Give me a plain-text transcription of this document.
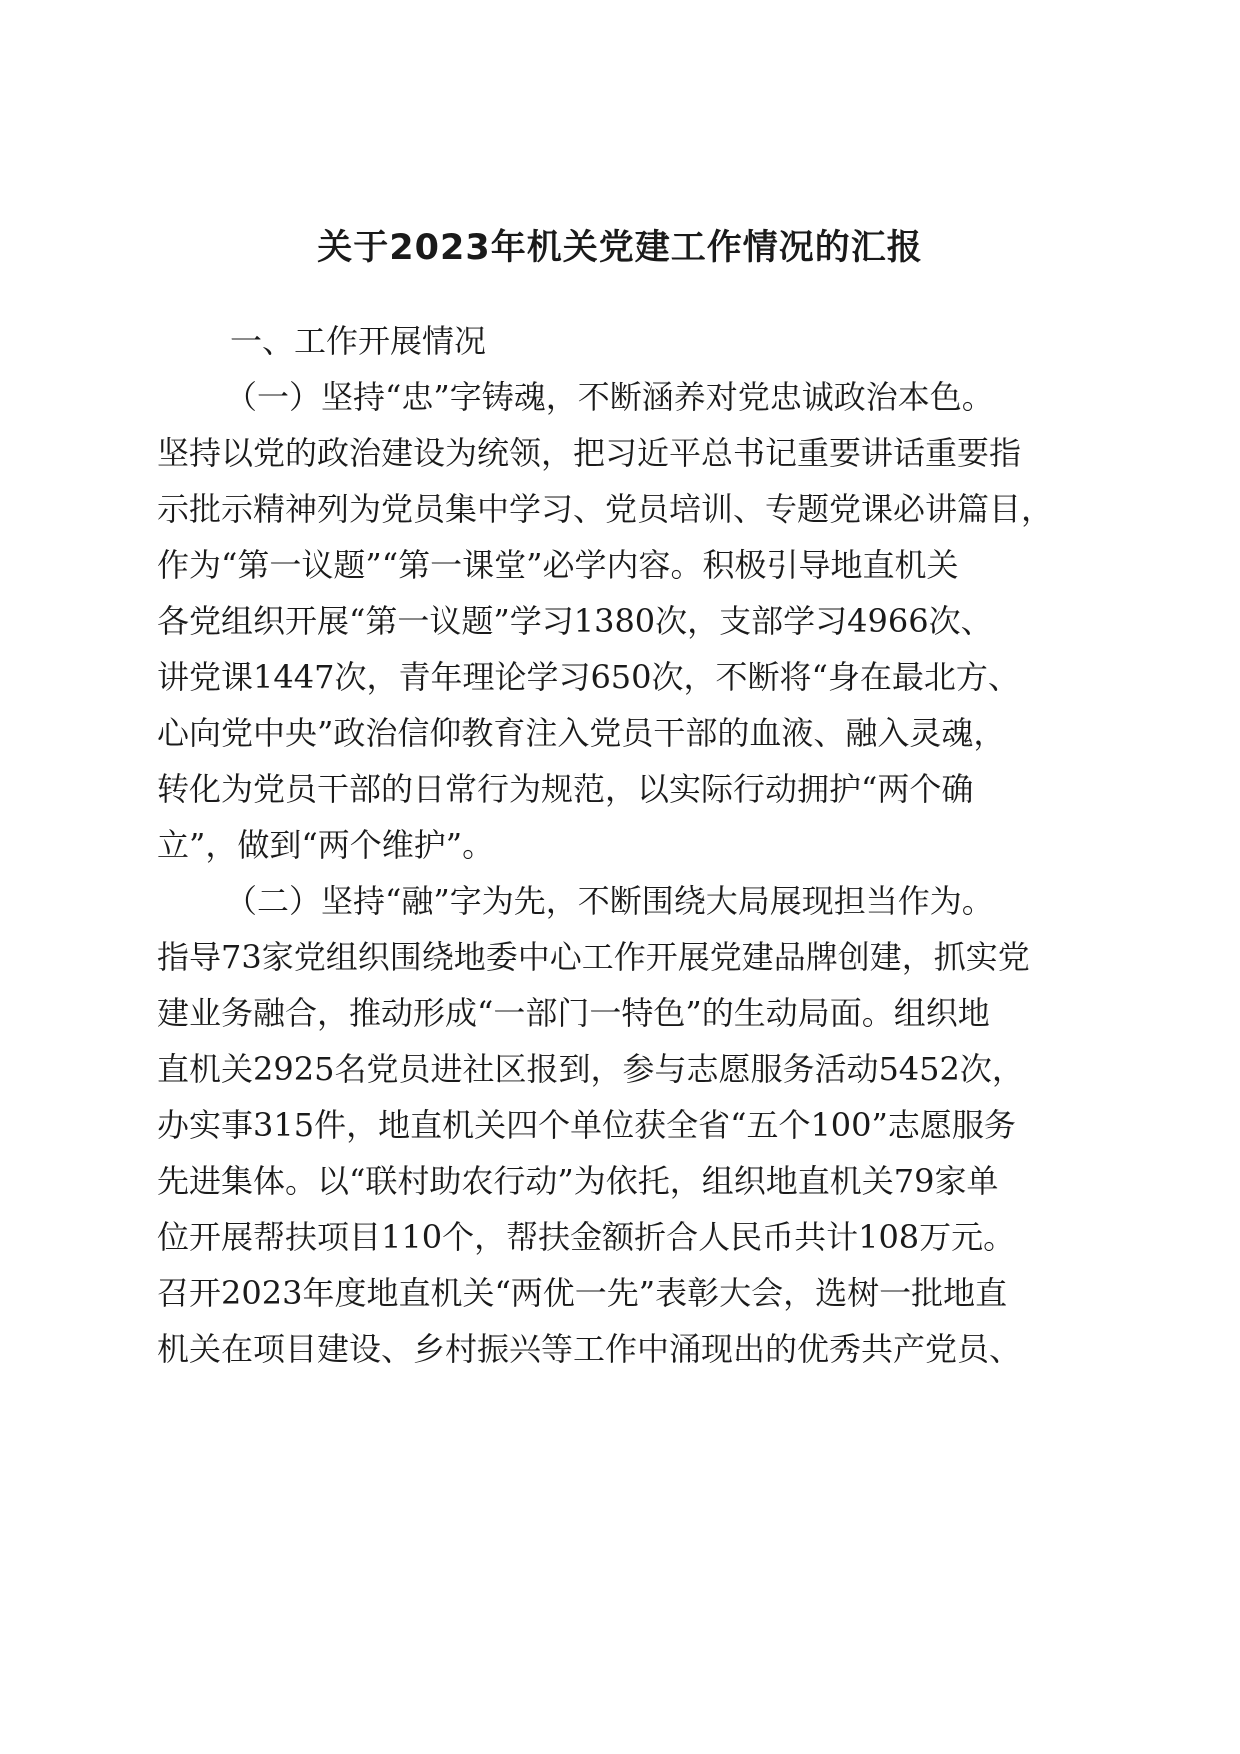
关于2023年机关党建工作情况的汇报
一、工作开展情况
（一）坚持“忠”字铸魂，不断涵养对党忠诚政治本色。
坚持以党的政治建设为统领，把习近平总书记重要讲话重要指
示批示精神列为党员集中学习、党员培训、专题党课必讲篇目，
作为“第一议题”“第一课堂”必学内容。积极引导地直机关
各党组织开展“第一议题”学习1380次，支部学习4966次、
讲党课1447次，青年理论学习650次，不断将“身在最北方、
心向党中央”政治信仰教育注入党员干部的血液、融入灵魂，
转化为党员干部的日常行为规范，以实际行动拥护“两个确
立”，做到“两个维护”。
（二）坚持“融”字为先，不断围绕大局展现担当作为。
指导73家党组织围绕地委中心工作开展党建品牌创建，抓实党
建业务融合，推动形成“一部门一特色”的生动局面。组织地
直机关2925名党员进社区报到，参与志愿服务活动5452次，
办实事315件，地直机关四个单位获全省“五个100”志愿服务
先进集体。以“联村助农行动”为依托，组织地直机关79家单
位开展帮扶项目110个，帮扶金额折合人民币共计108万元。
召开2023年度地直机关“两优一先”表彰大会，选树一批地直
机关在项目建设、乡村振兴等工作中涌现出的优秀共产党员、
